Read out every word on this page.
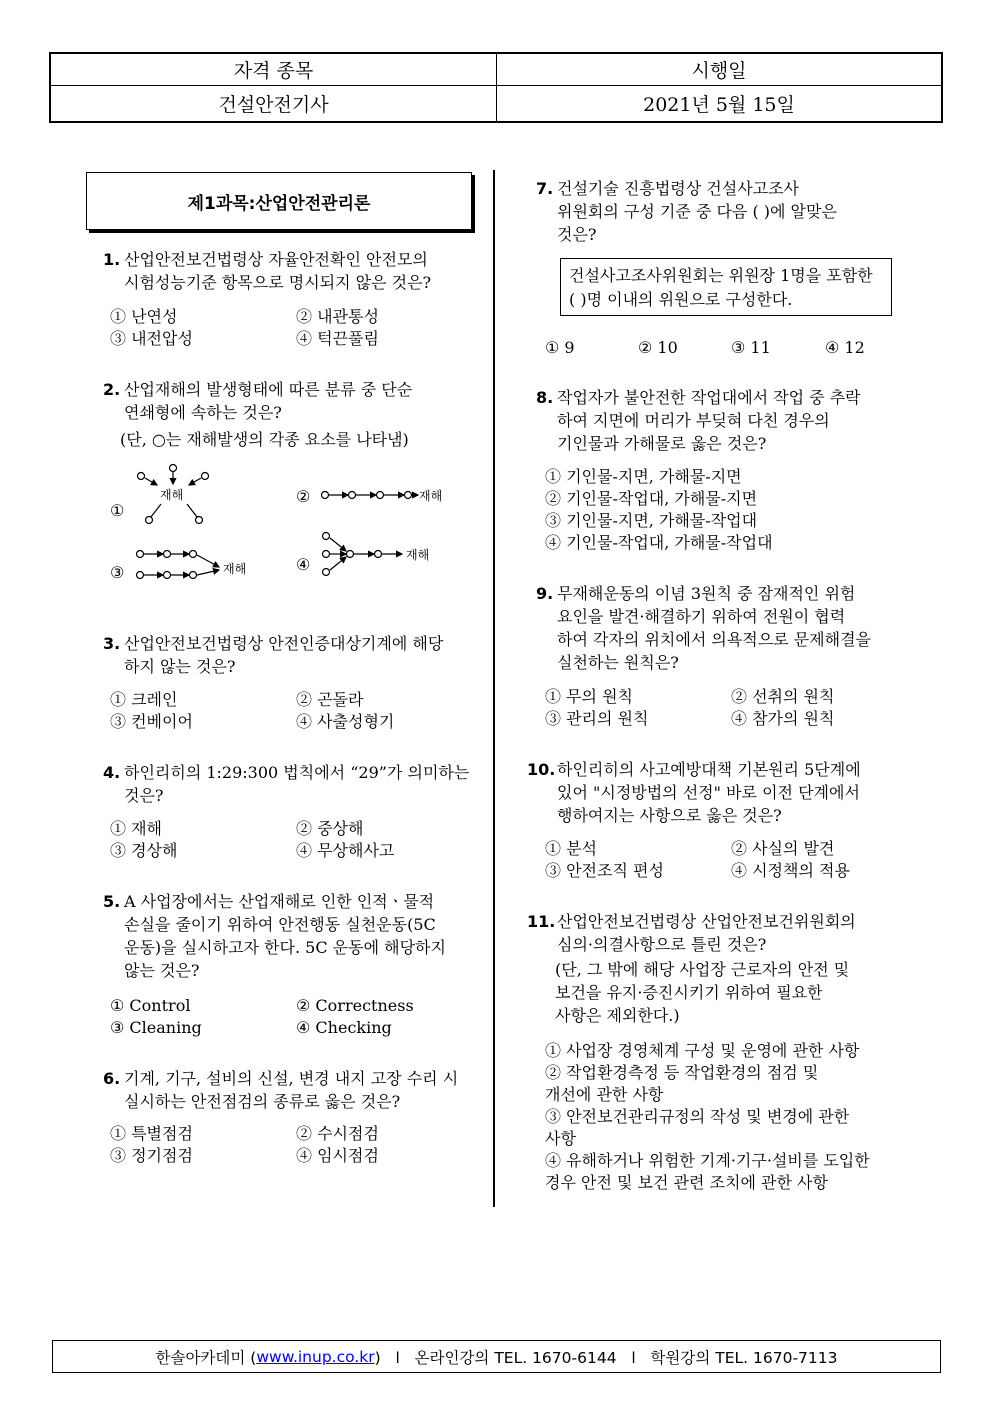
자격 종목	시행일
건설안전기사	2021년 5월 15일
제1과목:산업안전관리론
1. 산업안전보건법령상 자율안전확인 안전모의
시험성능기준 항목으로 명시되지 않은 것은?
① 난연성	② 내관통성
③ 내전압성	④ 턱끈풀림
2. 산업재해의 발생형태에 따른 분류 중 단순
연쇄형에 속하는 것은?
(단, ○는 재해발생의 각종 요소를 나타냄)
①
②
③	④
재해	재해
재해
재해
3. 산업안전보건법령상 안전인증대상기계에 해당
하지 않는 것은?
① 크레인	② 곤돌라
③ 컨베이어	④ 사출성형기
4. 하인리히의 1:29:300 법칙에서 “29”가 의미하는
것은?
① 재해	② 중상해
③ 경상해	④ 무상해사고
5. A 사업장에서는 산업재해로 인한 인적ㆍ물적
손실을 줄이기 위하여 안전행동 실천운동(5C
운동)을 실시하고자 한다. 5C 운동에 해당하지
않는 것은?
① Control	② Correctness
③ Cleaning	④ Checking
6. 기계, 기구, 설비의 신설, 변경 내지 고장 수리 시
실시하는 안전점검의 종류로 옳은 것은?
① 특별점검	② 수시점검
③ 정기점검	④ 임시점검
7. 건설기술 진흥법령상 건설사고조사
위원회의 구성 기준 중 다음 ( )에 알맞은
것은?
건설사고조사위원회는 위원장 1명을 포함한
( )명 이내의 위원으로 구성한다.
① 9	② 10	③ 11	④ 12
8. 작업자가 불안전한 작업대에서 작업 중 추락
하여 지면에 머리가 부딪혀 다친 경우의
기인물과 가해물로 옳은 것은?
① 기인물-지면, 가해물-지면
② 기인물-작업대, 가해물-지면
③ 기인물-지면, 가해물-작업대
④ 기인물-작업대, 가해물-작업대
9. 무재해운동의 이념 3원칙 중 잠재적인 위험
요인을 발견·해결하기 위하여 전원이 협력
하여 각자의 위치에서 의욕적으로 문제해결을
실천하는 원칙은?
① 무의 원칙	② 선취의 원칙
③ 관리의 원칙	④ 참가의 원칙
10. 하인리히의 사고예방대책 기본원리 5단계에
있어 "시정방법의 선정" 바로 이전 단계에서
행하여지는 사항으로 옳은 것은?
① 분석	② 사실의 발견
③ 안전조직 편성	④ 시정책의 적용
11. 산업안전보건법령상 산업안전보건위원회의
심의·의결사항으로 틀린 것은?
(단, 그 밖에 해당 사업장 근로자의 안전 및
보건을 유지·증진시키기 위하여 필요한
사항은 제외한다.)
① 사업장 경영체계 구성 및 운영에 관한 사항
② 작업환경측정 등 작업환경의 점검 및
개선에 관한 사항
③ 안전보건관리규정의 작성 및 변경에 관한
사항
④ 유해하거나 위험한 기계·기구·설비를 도입한
경우 안전 및 보건 관련 조치에 관한 사항
한솔아카데미 ( www.inup.co.kr )   l   온라인강의 TEL. 1670-6144   l   학원강의 TEL. 1670-7113
